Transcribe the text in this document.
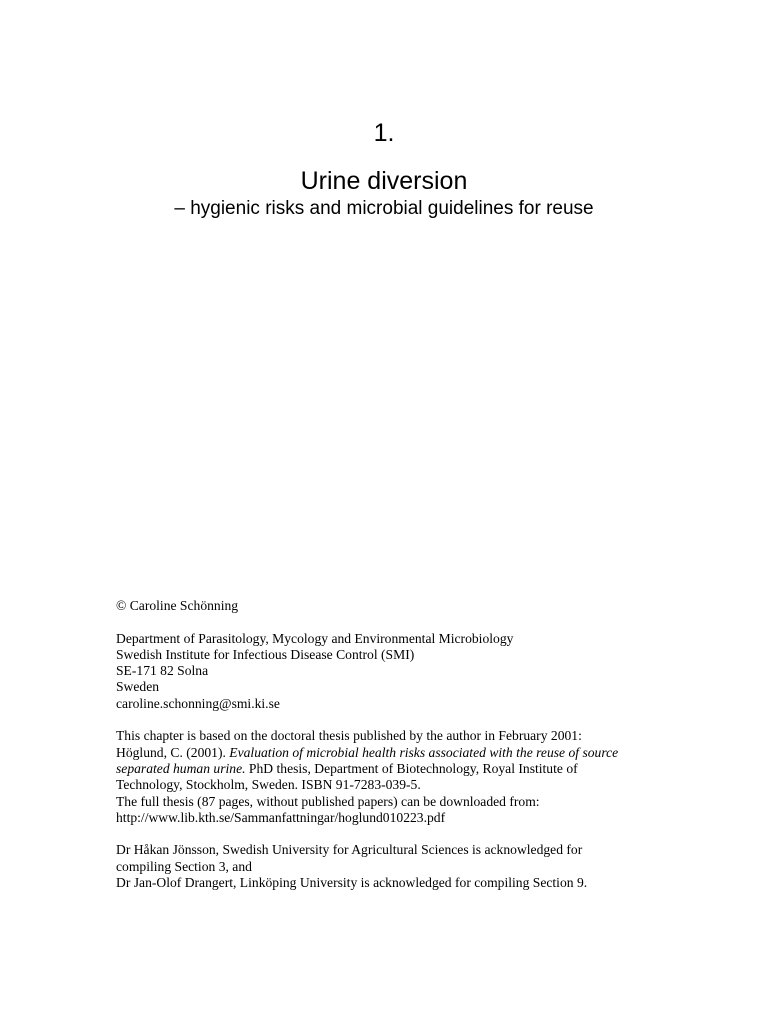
1.
Urine diversion
– hygienic risks and microbial guidelines for reuse
© Caroline Schönning
Department of Parasitology, Mycology and Environmental Microbiology
Swedish Institute for Infectious Disease Control (SMI)
SE-171 82 Solna
Sweden
caroline.schonning@smi.ki.se
This chapter is based on the doctoral thesis published by the author in February 2001:
Höglund, C. (2001). Evaluation of microbial health risks associated with the reuse of source
separated human urine. PhD thesis, Department of Biotechnology, Royal Institute of
Technology, Stockholm, Sweden. ISBN 91-7283-039-5.
The full thesis (87 pages, without published papers) can be downloaded from:
http://www.lib.kth.se/Sammanfattningar/hoglund010223.pdf
Dr Håkan Jönsson, Swedish University for Agricultural Sciences is acknowledged for
compiling Section 3, and
Dr Jan-Olof Drangert, Linköping University is acknowledged for compiling Section 9.
